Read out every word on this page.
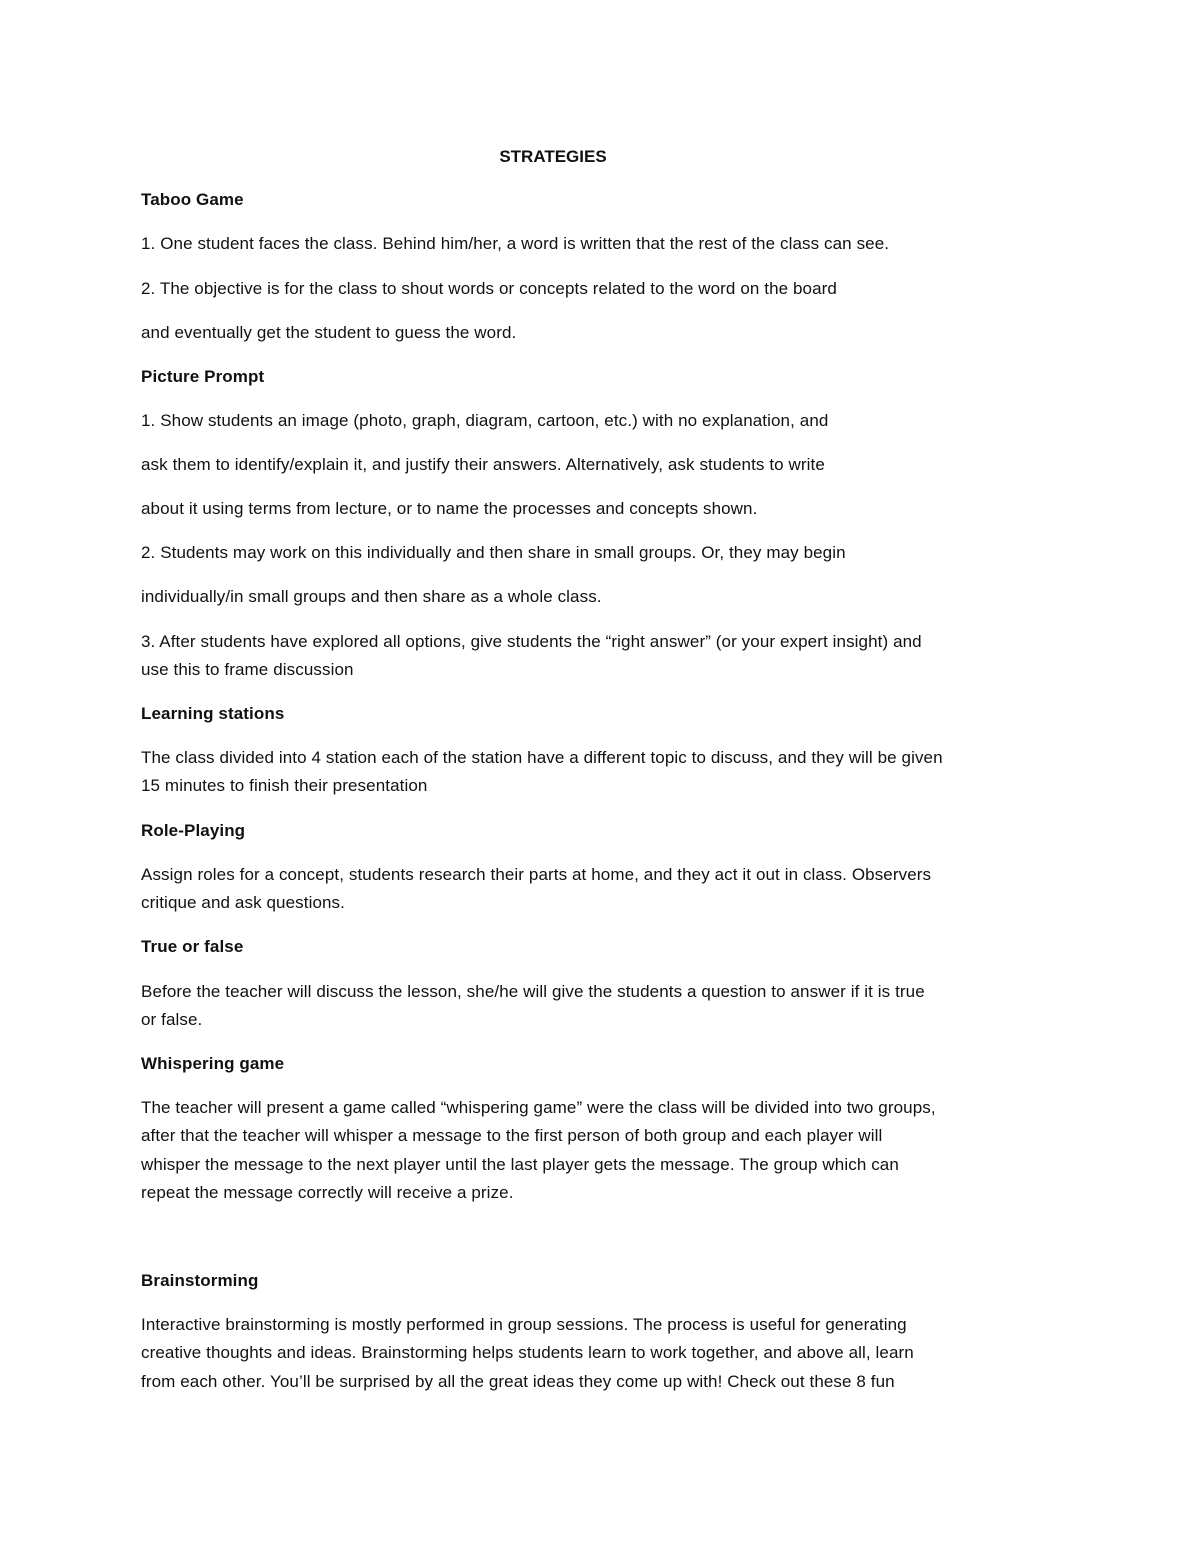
STRATEGIES

Taboo Game

1. One student faces the class. Behind him/her, a word is written that the rest of the class can see.

2. The objective is for the class to shout words or concepts related to the word on the board

and eventually get the student to guess the word.

Picture Prompt

1. Show students an image (photo, graph, diagram, cartoon, etc.) with no explanation, and

ask them to identify/explain it, and justify their answers. Alternatively, ask students to write

about it using terms from lecture, or to name the processes and concepts shown.

2. Students may work on this individually and then share in small groups. Or, they may begin

individually/in small groups and then share as a whole class.

3. After students have explored all options, give students the “right answer” (or your expert insight) and

use this to frame discussion

Learning stations

The class divided into 4 station each of the station have a different topic to discuss, and they will be given

15 minutes to finish their presentation

Role-Playing

Assign roles for a concept, students research their parts at home, and they act it out in class. Observers

critique and ask questions.

True or false

Before the teacher will discuss the lesson, she/he will give the students a question to answer if it is true

or false.

Whispering game

The teacher will present a game called “whispering game” were the class will be divided into two groups,

after that the teacher will whisper a message to the first person of both group and each player will

whisper the message to the next player until the last player gets the message. The group which can

repeat the message correctly will receive a prize.

Brainstorming

Interactive brainstorming is mostly performed in group sessions. The process is useful for generating

creative thoughts and ideas. Brainstorming helps students learn to work together, and above all, learn

from each other. You’ll be surprised by all the great ideas they come up with! Check out these 8 fun
